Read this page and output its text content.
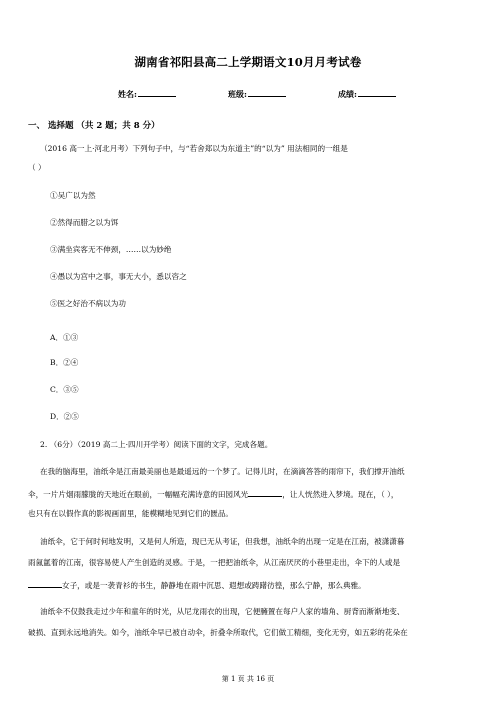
湖南省祁阳县高二上学期语文10月月考试卷
姓名:	班级:	成绩:
一、 选择题 （共 2 题；共 8 分）
（2016 高一上·河北月考）下列句子中，与“若舍郑以为东道主”的“以为” 用法相同的一组是
（ ）
①吴广以为然
②然得而腊之以为饵
③满坐宾客无不伸颈，……以为妙绝
④愚以为宫中之事，事无大小，悉以咨之
⑤医之好治不病以为功
A．①③
B．②④
C．③⑤
D．②⑤
2. （6分）（2019 高二上·四川开学考）阅读下面的文字，完成各题。
在我的脑海里，油纸伞是江南最美丽也是最遥远的一个梦了。记得儿时，在滴滴答答的雨帘下，我们撑开油纸
伞，一片片烟雨朦胧的天地近在眼前，一幅幅充满诗意的田园风光	，让人恍然进入梦境。现在，（ ），
也只有在以假作真的影视画面里，能模糊地见到它们的匮品。
油纸伞，它于何时何地发明，又是何人所造，现已无从考证，但我想，油纸伞的出现一定是在江南，被潇潇暮
雨氤氲着的江南，很容易使人产生创造的灵感。于是，一把把油纸伞，从江南厌厌的小巷里走出，伞下的人或是
女子，或是一袭青衫的书生，静静地在雨中沉思、遐想或踌躇彷徨，那么宁静，那么典雅。
油纸伞不仅鼓我走过少年和童年的时光，从尼龙雨衣的出现，它便臃置在每户人家的墙角、厨背而渐渐地变、
破损、直到永远地消失。如今，油纸伞早已被自动伞，折叠伞所取代，它们做工精细，变化无穷，如五彩的花朵在
第 1 页 共 16 页
